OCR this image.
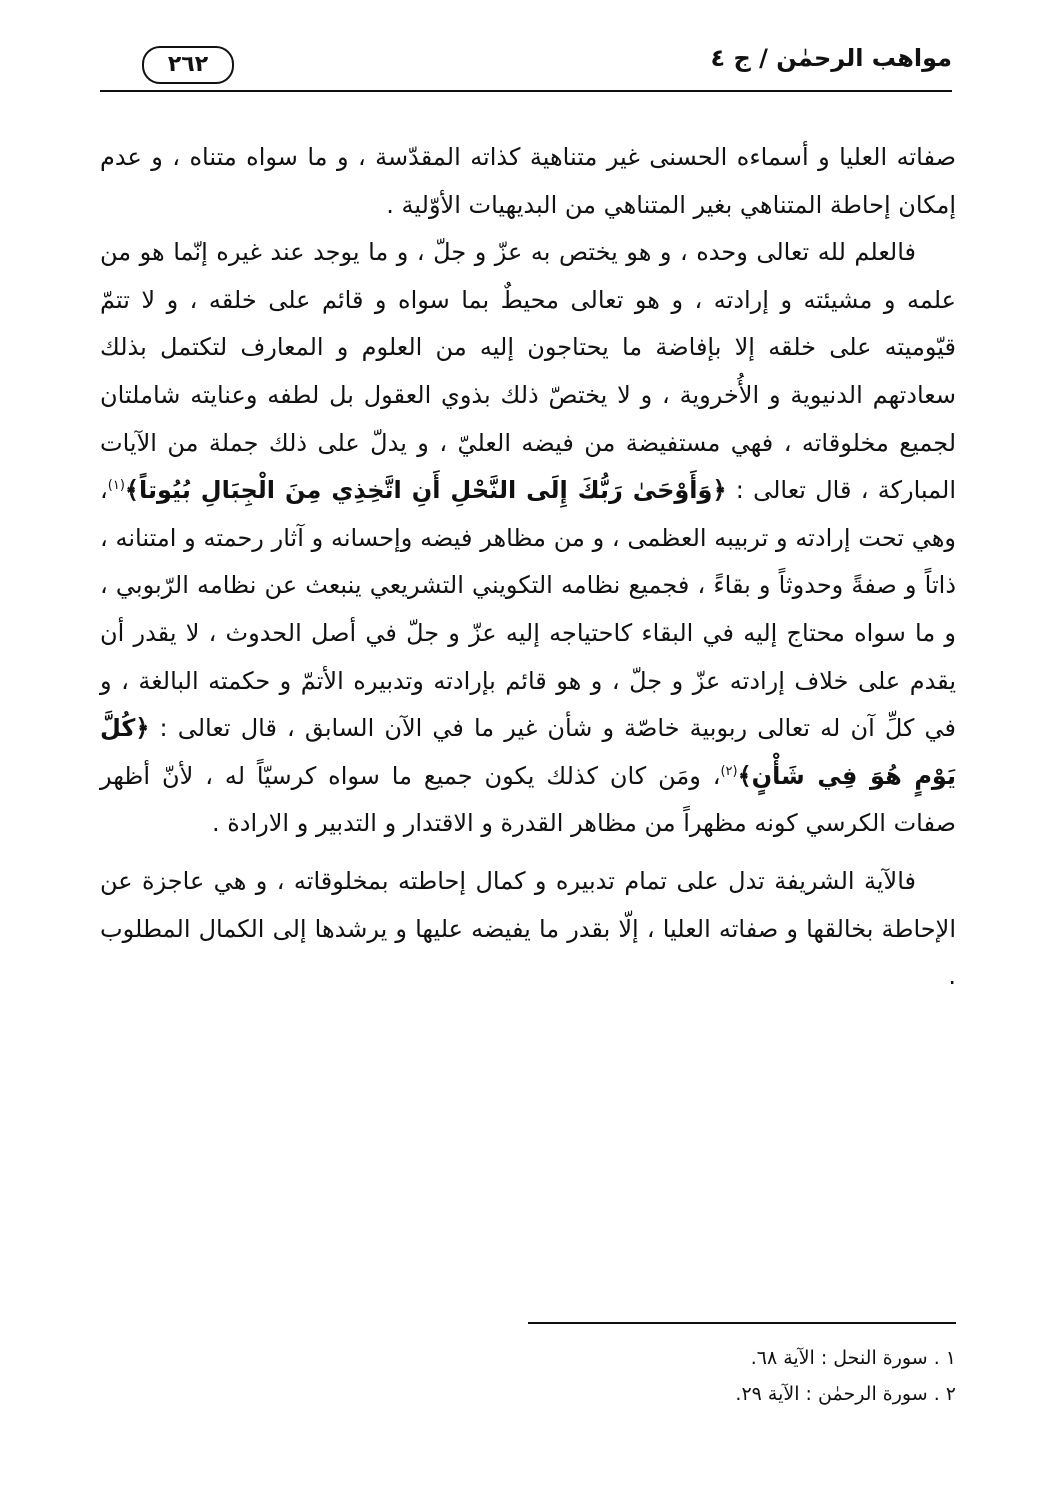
مواهب الرحمٰن / ج ٤
٢٦٢

صفاته العليا و أسماءه الحسنى غير متناهية كذاته المقدّسة ، و ما سواه متناه ، و عدم إمكان إحاطة المتناهي بغير المتناهي من البديهيات الأوّلية .

فالعلم لله تعالى وحده ، و هو يختص به عزّ و جلّ ، و ما يوجد عند غيره إنّما هو من علمه و مشيئته و إرادته ، و هو تعالى محيطٌ بما سواه و قائم على خلقه ، و لا تتمّ قيّوميته على خلقه إلا بإفاضة ما يحتاجون إليه من العلوم و المعارف لتكتمل بذلك سعادتهم الدنيوية و الأُخروية ، و لا يختصّ ذلك بذوي العقول بل لطفه وعنايته شاملتان لجميع مخلوقاته ، فهي مستفيضة من فيضه العليّ ، و يدلّ على ذلك جملة من الآيات المباركة ، قال تعالى : ﴿وَأَوْحَىٰ رَبُّكَ إِلَى النَّحْلِ أَنِ اتَّخِذِي مِنَ الْجِبَالِ بُيُوتاً﴾$^{(١)}$، وهي تحت إرادته و تربيبه العظمى ، و من مظاهر فيضه وإحسانه و آثار رحمته و امتنانه ، ذاتاً و صفةً وحدوثاً و بقاءً ، فجميع نظامه التكويني التشريعي ينبعث عن نظامه الرّبوبي ، و ما سواه محتاج إليه في البقاء كاحتياجه إليه عزّ و جلّ في أصل الحدوث ، لا يقدر أن يقدم على خلاف إرادته عزّ و جلّ ، و هو قائم بإرادته وتدبيره الأتمّ و حكمته البالغة ، و في كلِّ آن له تعالى ربوبية خاصّة و شأن غير ما في الآن السابق ، قال تعالى : ﴿كُلَّ يَوْمٍ هُوَ فِي شَأْنٍ﴾$^{(٢)}$، ومَن كان كذلك يكون جميع ما سواه كرسيّاً له ، لأنّ أظهر صفات الكرسي كونه مظهراً من مظاهر القدرة و الاقتدار و التدبير و الارادة .

فالآية الشريفة تدل على تمام تدبيره و كمال إحاطته بمخلوقاته ، و هي عاجزة عن الإحاطة بخالقها و صفاته العليا ، إلّا بقدر ما يفيضه عليها و يرشدها إلى الكمال المطلوب .

١ . سورة النحل : الآية ٦٨.
٢ . سورة الرحمٰن : الآية ٢٩.
